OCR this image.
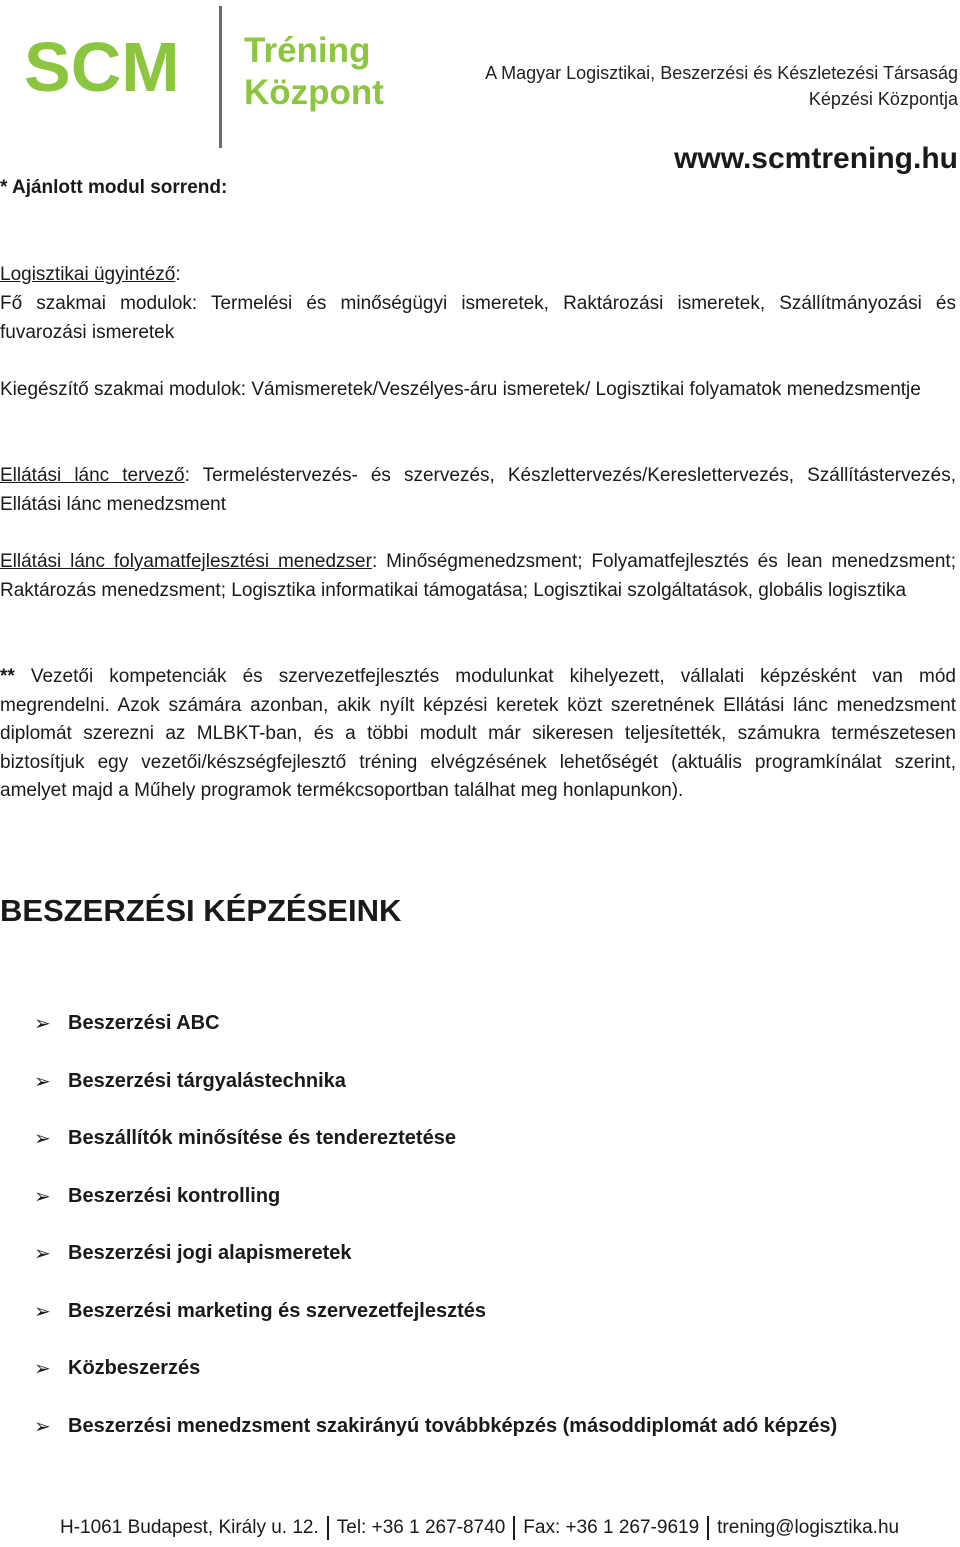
SCM Tréning
Központ	A Magyar Logisztikai, Beszerzési és Készletezési Társaság
Képzési Központja
www.scmtrening.hu

* Ajánlott modul sorrend:

Logisztikai ügyintéző:

Fő szakmai modulok: Termelési és minőségügyi ismeretek, Raktározási ismeretek, Szállítmányozási és fuvarozási ismeretek

Kiegészítő szakmai modulok: Vámismeretek/Veszélyes-áru ismeretek/ Logisztikai folyamatok menedzsmentje

Ellátási lánc tervező: Termeléstervezés- és szervezés, Készlettervezés/Kereslettervezés, Szállítástervezés, Ellátási lánc menedzsment

Ellátási lánc folyamatfejlesztési menedzser: Minőségmenedzsment; Folyamatfejlesztés és lean menedzsment; Raktározás menedzsment; Logisztika informatikai támogatása; Logisztikai szolgáltatások, globális logisztika

** Vezetői kompetenciák és szervezetfejlesztés modulunkat kihelyezett, vállalati képzésként van mód megrendelni. Azok számára azonban, akik nyílt képzési keretek közt szeretnének Ellátási lánc menedzsment diplomát szerezni az MLBKT-ban, és a többi modult már sikeresen teljesítették, számukra természetesen biztosítjuk egy vezetői/készségfejlesztő tréning elvégzésének lehetőségét (aktuális programkínálat szerint, amelyet majd a Műhely programok termékcsoportban találhat meg honlapunkon).

BESZERZÉSI KÉPZÉSEINK
➢ Beszerzési ABC
➢ Beszerzési tárgyalástechnika
➢ Beszállítók minősítése és tendereztetése
➢ Beszerzési kontrolling
➢ Beszerzési jogi alapismeretek
➢ Beszerzési marketing és szervezetfejlesztés
➢ Közbeszerzés
➢ Beszerzési menedzsment szakirányú továbbképzés (másoddiplomát adó képzés)
H-1061 Budapest, Király u. 12. Tel: +36 1 267-8740 Fax: +36 1 267-9619 trening@logisztika.hu
